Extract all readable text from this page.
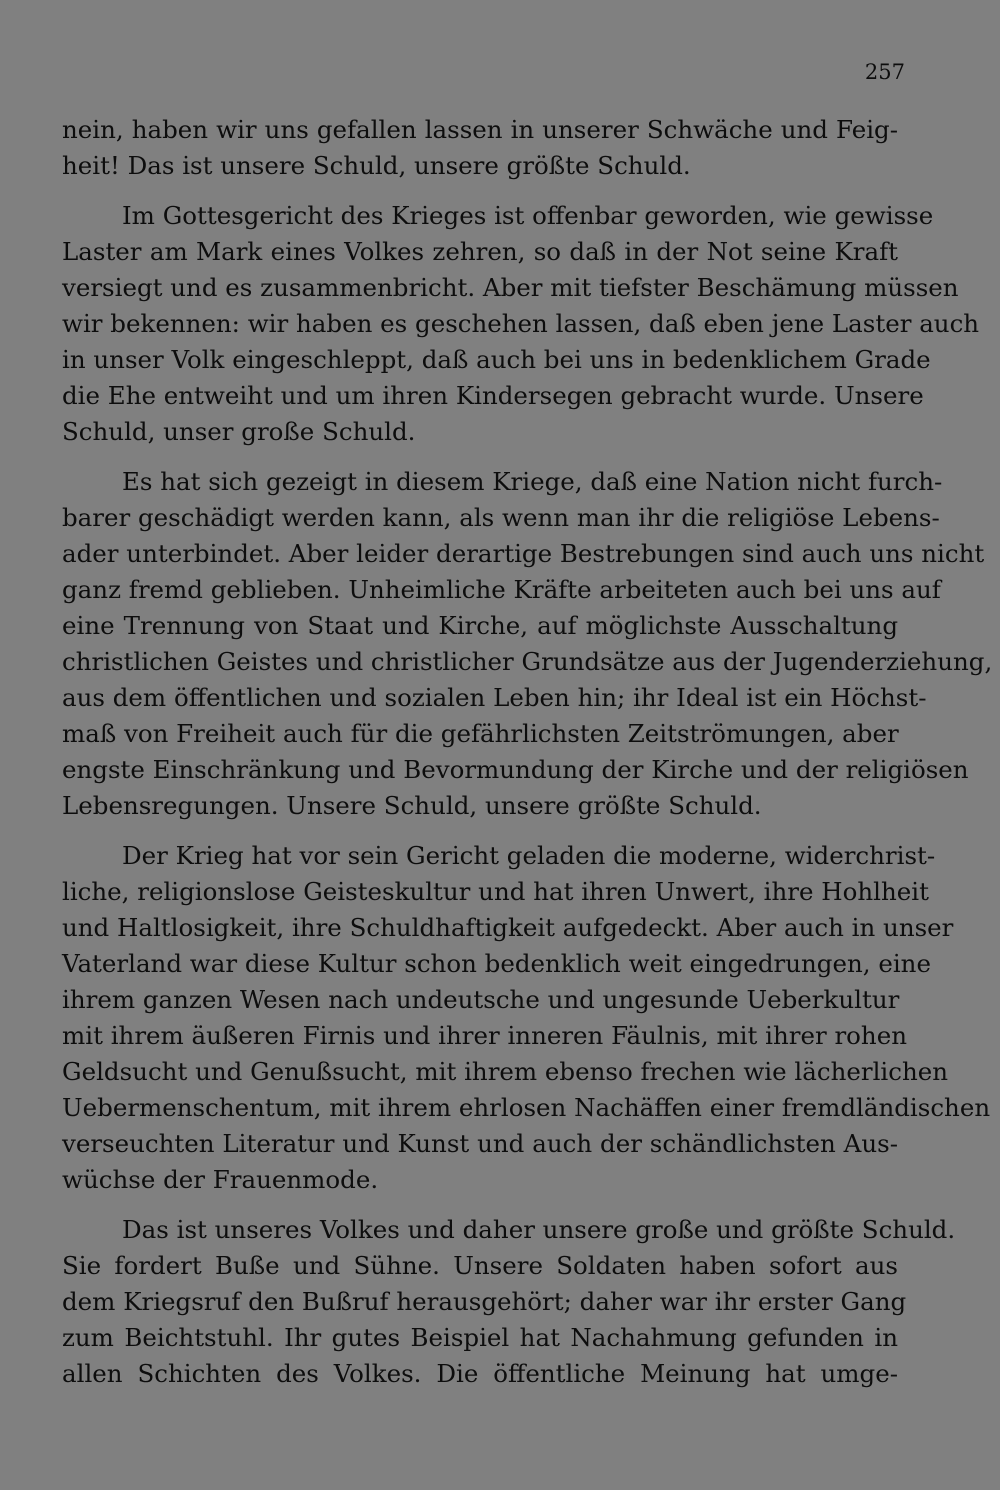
257
nein, haben wir uns gefallen lassen in unserer Schwäche und Feig-
heit! Das ist unsere Schuld, unsere größte Schuld.
Im Gottesgericht des Krieges ist offenbar geworden, wie gewisse
Laster am Mark eines Volkes zehren, so daß in der Not seine Kraft
versiegt und es zusammenbricht. Aber mit tiefster Beschämung müssen
wir bekennen: wir haben es geschehen lassen, daß eben jene Laster auch
in unser Volk eingeschleppt, daß auch bei uns in bedenklichem Grade
die Ehe entweiht und um ihren Kindersegen gebracht wurde. Unsere
Schuld, unser große Schuld.
Es hat sich gezeigt in diesem Kriege, daß eine Nation nicht furch-
barer geschädigt werden kann, als wenn man ihr die religiöse Lebens-
ader unterbindet. Aber leider derartige Bestrebungen sind auch uns nicht
ganz fremd geblieben. Unheimliche Kräfte arbeiteten auch bei uns auf
eine Trennung von Staat und Kirche, auf möglichste Ausschaltung
christlichen Geistes und christlicher Grundsätze aus der Jugenderziehung,
aus dem öffentlichen und sozialen Leben hin; ihr Ideal ist ein Höchst-
maß von Freiheit auch für die gefährlichsten Zeitströmungen, aber
engste Einschränkung und Bevormundung der Kirche und der religiösen
Lebensregungen. Unsere Schuld, unsere größte Schuld.
Der Krieg hat vor sein Gericht geladen die moderne, widerchrist-
liche, religionslose Geisteskultur und hat ihren Unwert, ihre Hohlheit
und Haltlosigkeit, ihre Schuldhaftigkeit aufgedeckt. Aber auch in unser
Vaterland war diese Kultur schon bedenklich weit eingedrungen, eine
ihrem ganzen Wesen nach undeutsche und ungesunde Ueberkultur
mit ihrem äußeren Firnis und ihrer inneren Fäulnis, mit ihrer rohen
Geldsucht und Genußsucht, mit ihrem ebenso frechen wie lächerlichen
Uebermenschentum, mit ihrem ehrlosen Nachäffen einer fremdländischen
verseuchten Literatur und Kunst und auch der schändlichsten Aus-
wüchse der Frauenmode.
Das ist unseres Volkes und daher unsere große und größte Schuld.
Sie fordert Buße und Sühne. Unsere Soldaten haben sofort aus
dem Kriegsruf den Bußruf herausgehört; daher war ihr erster Gang
zum Beichtstuhl. Ihr gutes Beispiel hat Nachahmung gefunden in
allen Schichten des Volkes. Die öffentliche Meinung hat umge-
